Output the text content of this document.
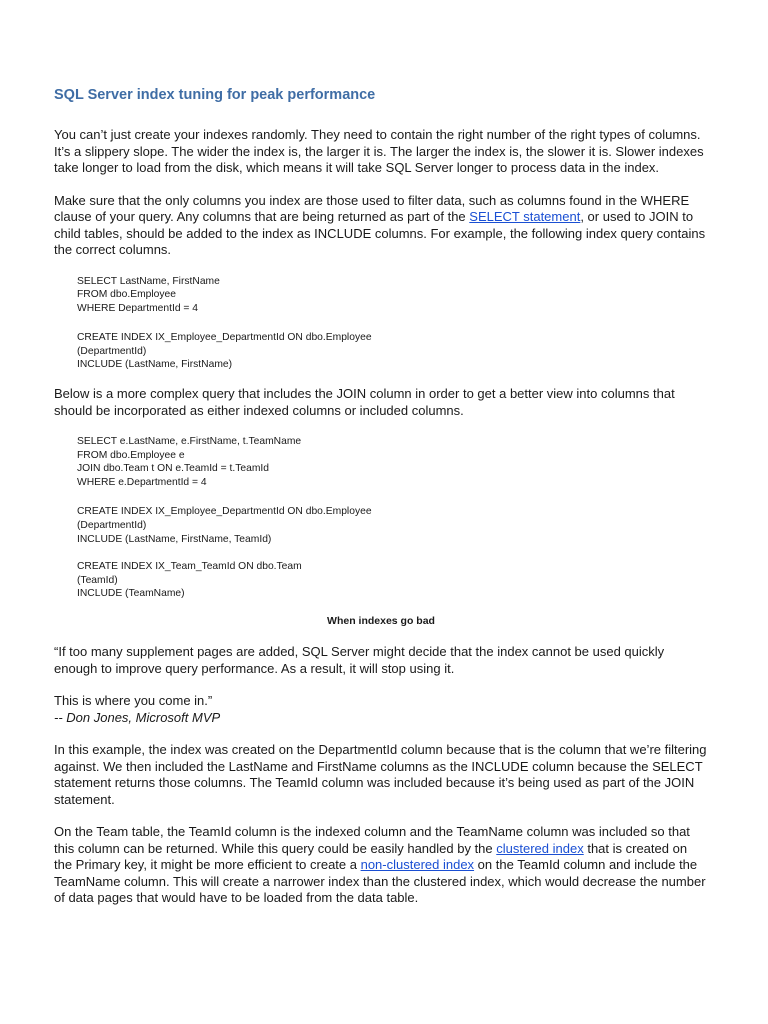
SQL Server index tuning for peak performance

You can’t just create your indexes randomly. They need to contain the right number of the right types of columns. It’s a slippery slope. The wider the index is, the larger it is. The larger the index is, the slower it is. Slower indexes take longer to load from the disk, which means it will take SQL Server longer to process data in the index.

Make sure that the only columns you index are those used to filter data, such as columns found in the WHERE clause of your query. Any columns that are being returned as part of the SELECT statement, or used to JOIN to child tables, should be added to the index as INCLUDE columns. For example, the following index query contains the correct columns.

SELECT LastName, FirstName
FROM dbo.Employee
WHERE DepartmentId = 4
CREATE INDEX IX_Employee_DepartmentId ON dbo.Employee
(DepartmentId)
INCLUDE (LastName, FirstName)

Below is a more complex query that includes the JOIN column in order to get a better view into columns that should be incorporated as either indexed columns or included columns.

SELECT e.LastName, e.FirstName, t.TeamName
FROM dbo.Employee e
JOIN dbo.Team t ON e.TeamId = t.TeamId
WHERE e.DepartmentId = 4
CREATE INDEX IX_Employee_DepartmentId ON dbo.Employee
(DepartmentId)
INCLUDE (LastName, FirstName, TeamId)
CREATE INDEX IX_Team_TeamId ON dbo.Team
(TeamId)
INCLUDE (TeamName)
When indexes go bad

“If too many supplement pages are added, SQL Server might decide that the index cannot be used quickly enough to improve query performance. As a result, it will stop using it.

This is where you come in.”
-- Don Jones, Microsoft MVP

In this example, the index was created on the DepartmentId column because that is the column that we’re filtering against. We then included the LastName and FirstName columns as the INCLUDE column because the SELECT statement returns those columns. The TeamId column was included because it’s being used as part of the JOIN statement.

On the Team table, the TeamId column is the indexed column and the TeamName column was included so that this column can be returned. While this query could be easily handled by the clustered index that is created on the Primary key, it might be more efficient to create a non-clustered index on the TeamId column and include the TeamName column. This will create a narrower index than the clustered index, which would decrease the number of data pages that would have to be loaded from the data table.
